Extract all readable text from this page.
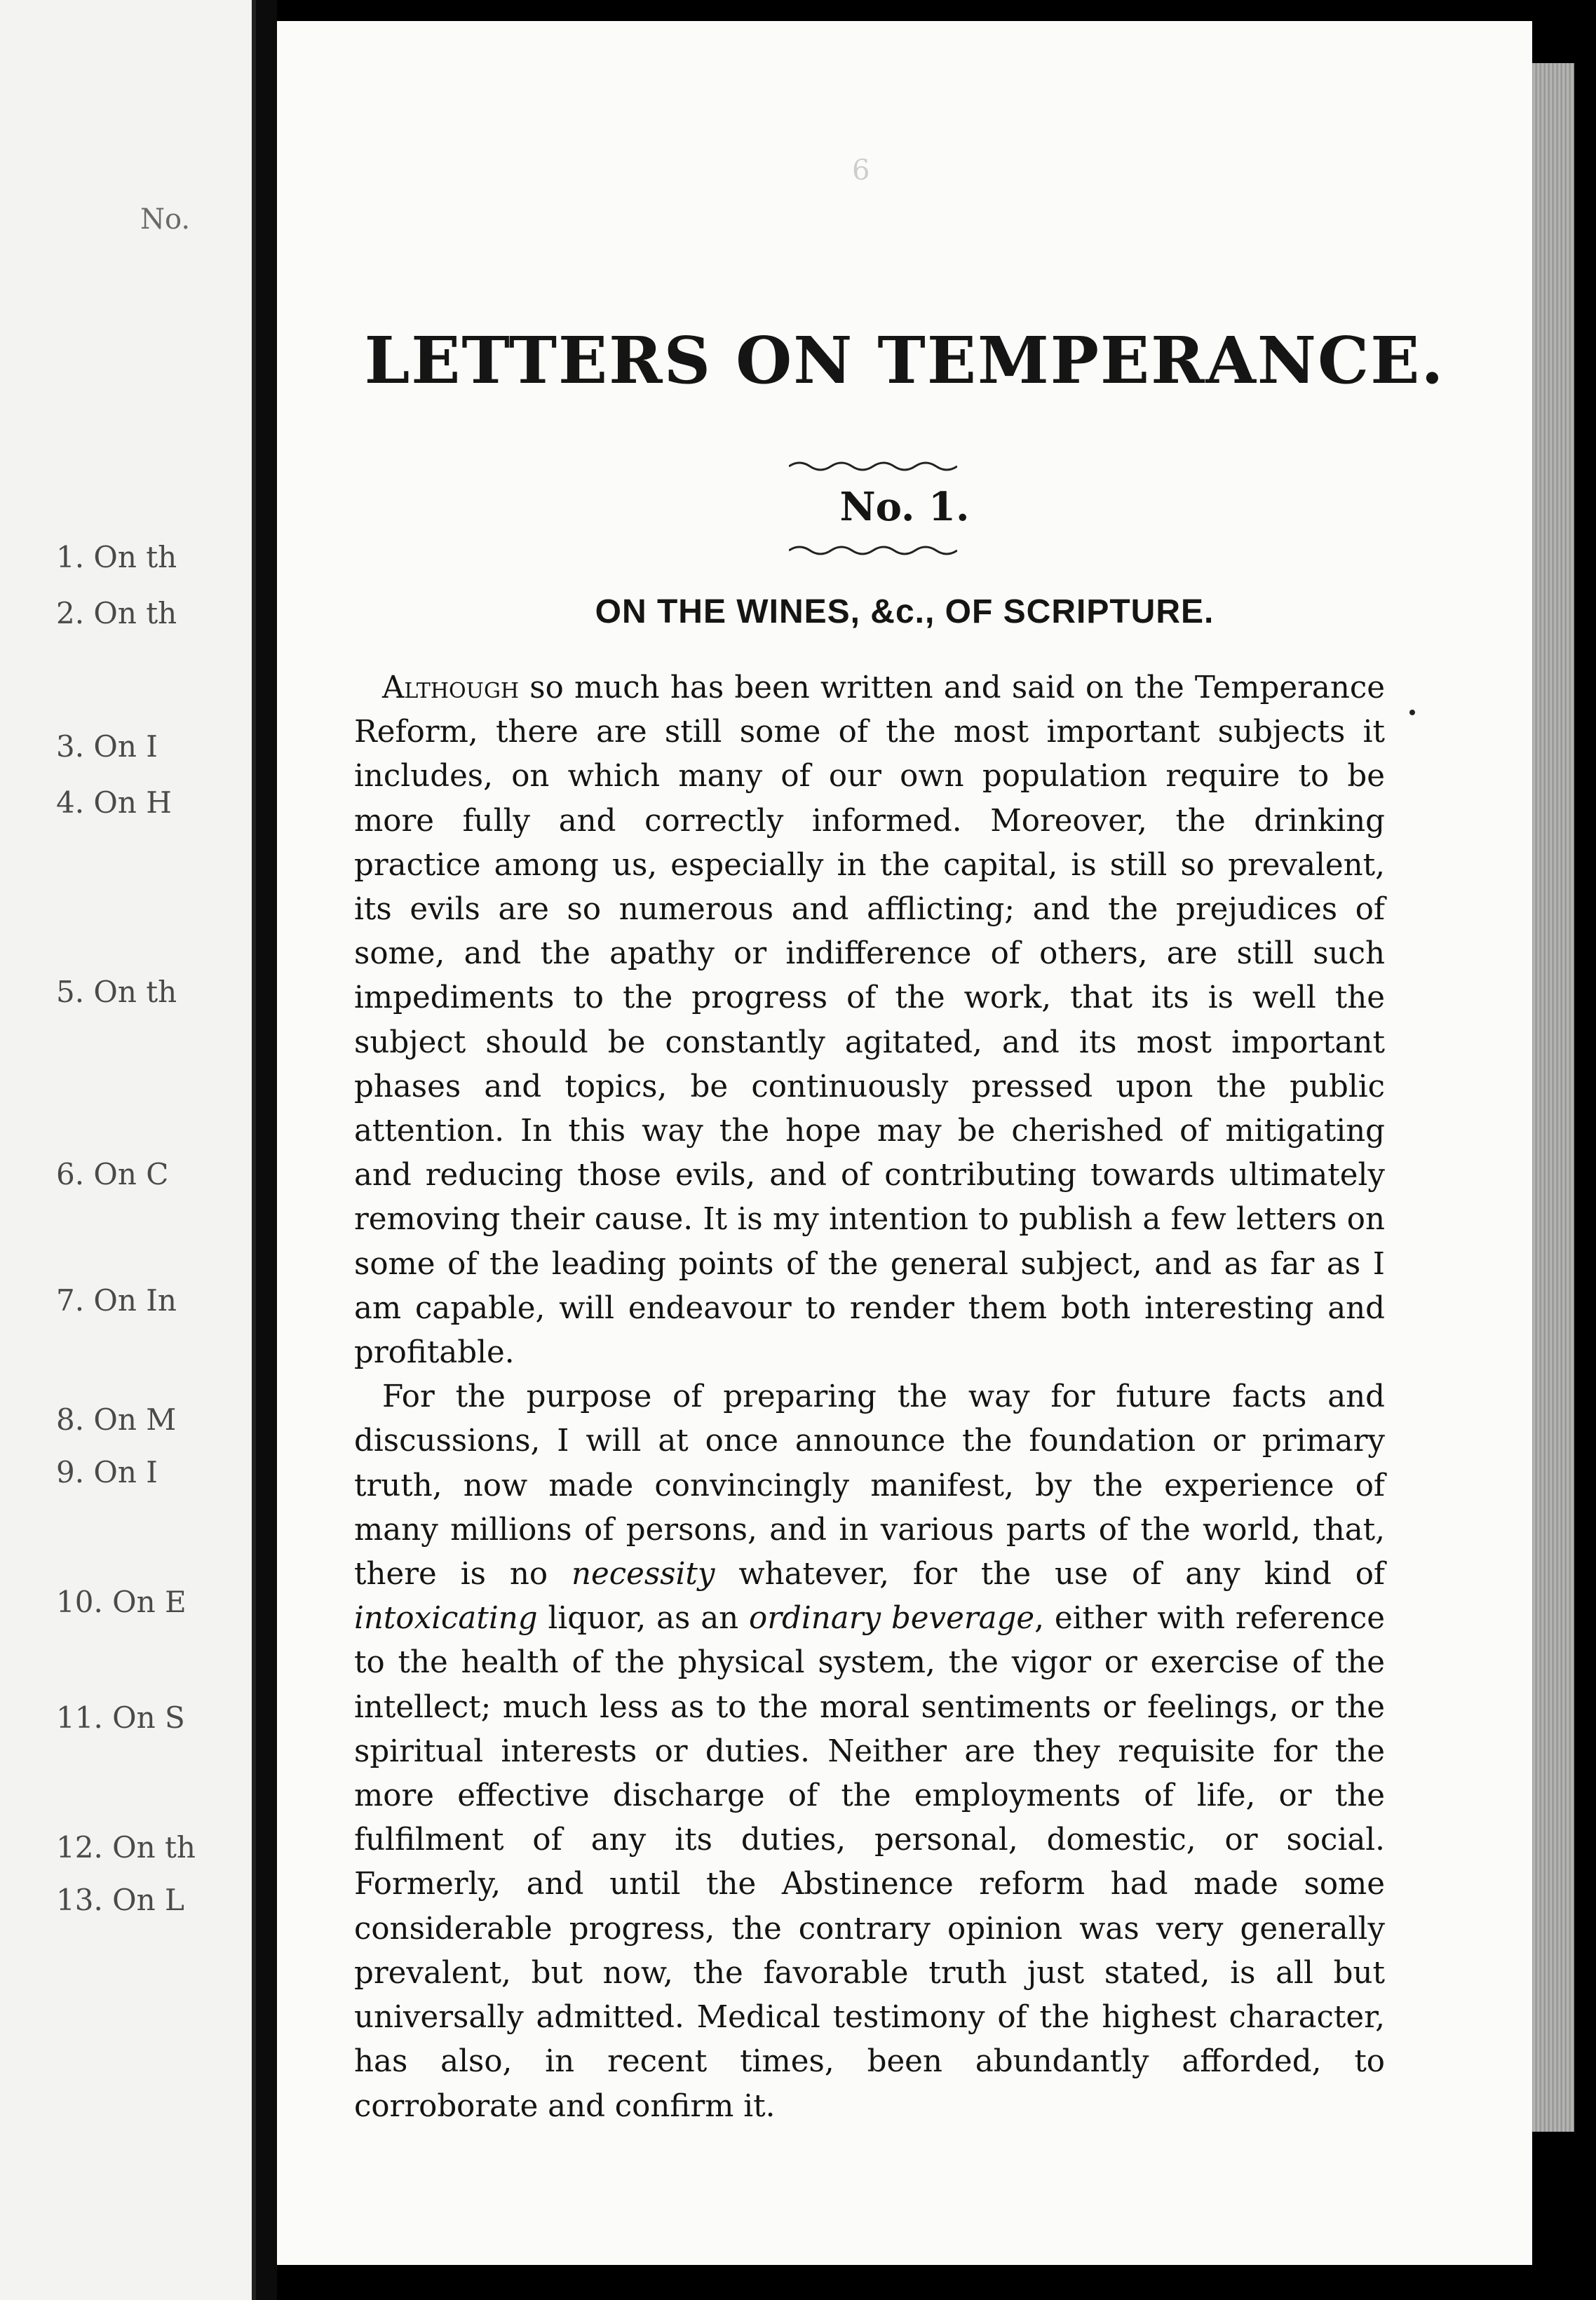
No.
1. On th
2. On th
3. On I
4. On H
5. On th
6. On C
7. On In
8. On M
9. On I
10. On E
11. On S
12. On th
13. On L
6
LETTERS ON TEMPERANCE.
No. 1.
ON THE WINES, &c., OF SCRIPTURE.

Although so much has been written and said on the Temperance Reform, there are still some of the most important subjects it includes, on which many of our own population require to be more fully and correctly informed. Moreover, the drinking practice among us, especially in the capital, is still so prevalent, its evils are so numerous and afflicting; and the prejudices of some, and the apathy or indifference of others, are still such impediments to the progress of the work, that its is well the subject should be constantly agitated, and its most important phases and topics, be continuously pressed upon the public attention. In this way the hope may be cherished of mitigating and reducing those evils, and of contributing towards ultimately removing their cause. It is my intention to publish a few letters on some of the leading points of the general subject, and as far as I am capable, will endeavour to render them both interesting and profitable.

For the purpose of preparing the way for future facts and discussions, I will at once announce the foundation or primary truth, now made convincingly manifest, by the experience of many millions of persons, and in various parts of the world, that, there is no necessity whatever, for the use of any kind of intoxicating liquor, as an ordinary beverage, either with reference to the health of the physical system, the vigor or exercise of the intellect; much less as to the moral sentiments or feelings, or the spiritual interests or duties. Neither are they requisite for the more effective discharge of the employments of life, or the fulfilment of any its duties, personal, domestic, or social. Formerly, and until the Abstinence reform had made some considerable progress, the contrary opinion was very generally prevalent, but now, the favorable truth just stated, is all but universally admitted. Medical testimony of the highest character, has also, in recent times, been abundantly afforded, to corroborate and confirm it.
